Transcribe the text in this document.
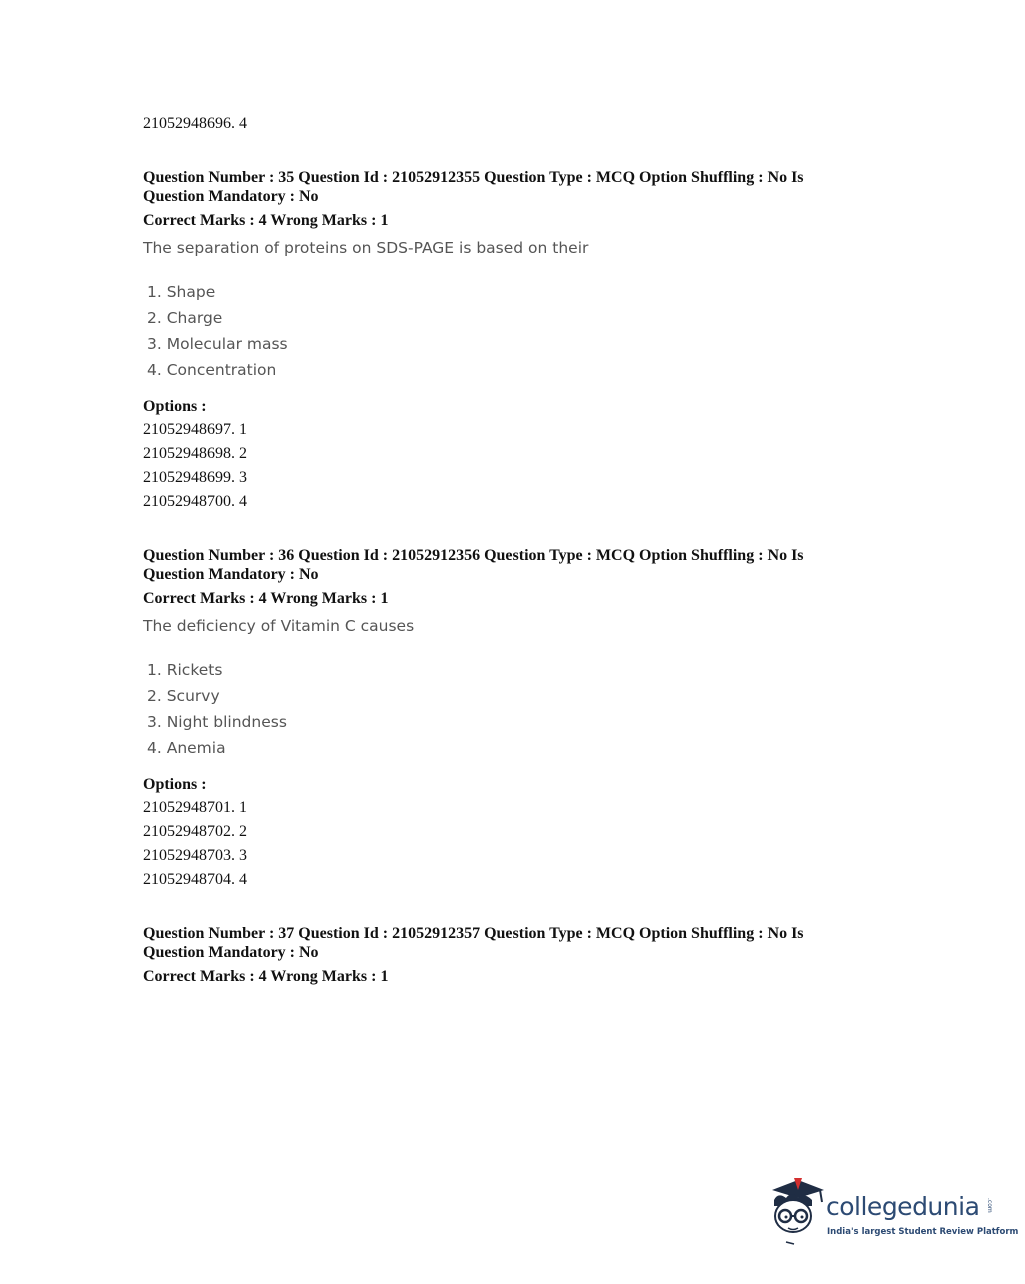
21052948696. 4
Question Number : 35 Question Id : 21052912355 Question Type : MCQ Option Shuffling : No Is
Question Mandatory : No
Correct Marks : 4 Wrong Marks : 1
The separation of proteins on SDS-PAGE is based on their
1. Shape
2. Charge
3. Molecular mass
4. Concentration
Options :
21052948697. 1
21052948698. 2
21052948699. 3
21052948700. 4
Question Number : 36 Question Id : 21052912356 Question Type : MCQ Option Shuffling : No Is
Question Mandatory : No
Correct Marks : 4 Wrong Marks : 1
The deficiency of Vitamin C causes
1. Rickets
2. Scurvy
3. Night blindness
4. Anemia
Options :
21052948701. 1
21052948702. 2
21052948703. 3
21052948704. 4
Question Number : 37 Question Id : 21052912357 Question Type : MCQ Option Shuffling : No Is
Question Mandatory : No
Correct Marks : 4 Wrong Marks : 1
collegedunia .com
India's largest Student Review Platform
